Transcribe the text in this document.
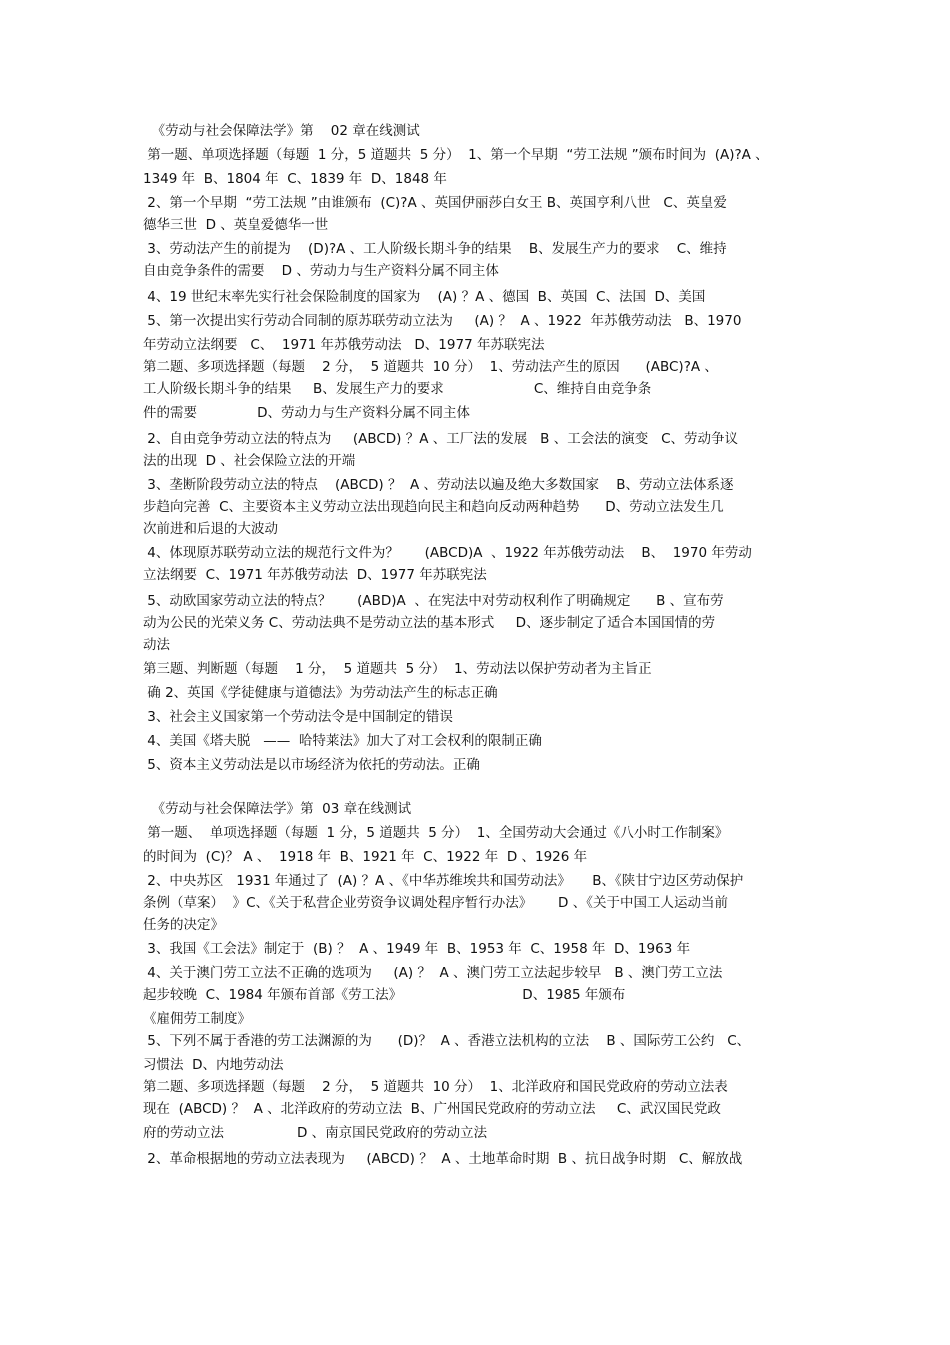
《劳动与社会保障法学》第    02 章在线测试
第一题、单项选择题（每题  1 分，5 道题共  5 分）  1、第一个早期  “劳工法规 ”颁布时间为  (A)?A 、
1349 年  B、1804 年  C、1839 年  D、1848 年
2、第一个早期  “劳工法规 ”由谁颁布  (C)?A 、英国伊丽莎白女王 B、英国亨利八世   C、英皇爱
德华三世  D 、英皇爱德华一世
3、劳动法产生的前提为    (D)?A 、工人阶级长期斗争的结果    B、发展生产力的要求    C、维持
自由竞争条件的需要    D 、劳动力与生产资料分属不同主体
4、19 世纪末率先实行社会保险制度的国家为    (A) ？A 、德国  B、英国  C、法国  D、美国
5、第一次提出实行劳动合同制的原苏联劳动立法为     (A) ？  A 、1922  年苏俄劳动法   B、1970
年劳动立法纲要   C、  1971 年苏俄劳动法   D、1977 年苏联宪法
第二题、多项选择题（每题    2 分，  5 道题共  10 分）  1、劳动法产生的原因      (ABC)?A 、
工人阶级长期斗争的结果     B、发展生产力的要求                     C、维持自由竞争条
件的需要              D、劳动力与生产资料分属不同主体
2、自由竞争劳动立法的特点为     (ABCD) ？A 、工厂法的发展   B 、工会法的演变   C、劳动争议
法的出现  D 、社会保险立法的开端
3、垄断阶段劳动立法的特点    (ABCD) ？  A 、劳动法以遍及绝大多数国家    B、劳动立法体系逐
步趋向完善  C、主要资本主义劳动立法出现趋向民主和趋向反动两种趋势      D、劳动立法发生几
次前进和后退的大波动
4、体现原苏联劳动立法的规范行文件为？      (ABCD)A  、1922 年苏俄劳动法    B、  1970 年劳动
立法纲要  C、1971 年苏俄劳动法  D、1977 年苏联宪法
5、动欧国家劳动立法的特点？      (ABD)A  、在宪法中对劳动权利作了明确规定      B 、宣布劳
动为公民的光荣义务 C、劳动法典不是劳动立法的基本形式     D、逐步制定了适合本国国情的劳
动法
第三题、判断题（每题    1 分，  5 道题共  5 分）  1、劳动法以保护劳动者为主旨正
确 2、英国《学徒健康与道德法》为劳动法产生的标志正确
3、社会主义国家第一个劳动法令是中国制定的错误
4、美国《塔夫脱   ——  哈特莱法》加大了对工会权利的限制正确
5、资本主义劳动法是以市场经济为依托的劳动法。正确
《劳动与社会保障法学》第  03 章在线测试
第一题、  单项选择题（每题  1 分，5 道题共  5 分）  1、全国劳动大会通过《八小时工作制案》
的时间为  (C)？ A 、  1918 年  B、1921 年  C、1922 年  D 、1926 年
2、中央苏区   1931 年通过了  (A) ？A 、《中华苏维埃共和国劳动法》     B、《陕甘宁边区劳动保护
条例（草案）  》C、《关于私营企业劳资争议调处程序暂行办法》      D 、《关于中国工人运动当前
任务的决定》
3、我国《工会法》制定于  (B) ？  A 、1949 年  B、1953 年  C、1958 年  D、1963 年
4、关于澳门劳工立法不正确的选项为     (A) ？  A 、澳门劳工立法起步较早   B 、澳门劳工立法
起步较晚  C、1984 年颁布首部《劳工法》                            D、1985 年颁布
《雇佣劳工制度》
5、下列不属于香港的劳工法渊源的为      (D)？  A 、香港立法机构的立法    B 、国际劳工公约   C、
习惯法  D、内地劳动法
第二题、多项选择题（每题    2 分，  5 道题共  10 分）  1、北洋政府和国民党政府的劳动立法表
现在  (ABCD) ？  A 、北洋政府的劳动立法  B、广州国民党政府的劳动立法     C、武汉国民党政
府的劳动立法                 D 、南京国民党政府的劳动立法
2、革命根据地的劳动立法表现为     (ABCD) ？  A 、土地革命时期  B 、抗日战争时期   C、解放战
